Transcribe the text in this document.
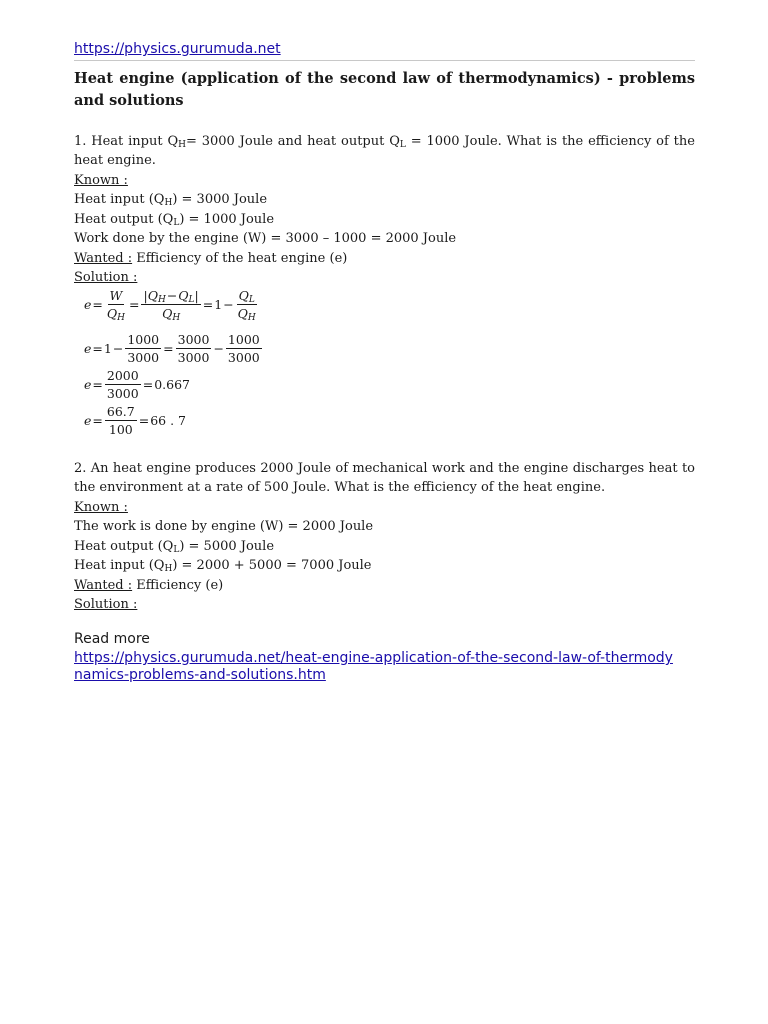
https://physics.gurumuda.net
Heat engine (application of the second law of thermodynamics) - problems and solutions
1. Heat input $Q_H= 3000$ Joule and heat output $Q_L = 1000$ Joule. What is the efficiency of the heat engine.
Known :
Heat input $(Q_H) = 3000$ Joule
Heat output $(Q_L) = 1000$ Joule
Work done by the engine (W) = 3000 – 1000 = 2000 Joule
Wanted : Efficiency of the heat engine (e)
Solution :
$e = \frac{W}{Q_H} = \frac{|Q_H-Q_L|}{Q_H} = 1 - \frac{Q_L}{Q_H}$
$e = 1 - \frac{1000}{3000} = \frac{3000}{3000} - \frac{1000}{3000}$
$e = \frac{2000}{3000} = 0.667$
$e = \frac{66.7}{100} = 66$ . 7
2. An heat engine produces 2000 Joule of mechanical work and the engine discharges heat to the environment at a rate of 500 Joule. What is the efficiency of the heat engine.
Known :
The work is done by engine (W) = 2000 Joule
Heat output $(Q_L) = 5000$ Joule
Heat input $(Q_H) = 2000 + 5000 = 7000$ Joule
Wanted : Efficiency (e)
Solution :
Read more
https://physics.gurumuda.net/heat-engine-application-of-the-second-law-of-thermodynamics-problems-and-solutions.htm
